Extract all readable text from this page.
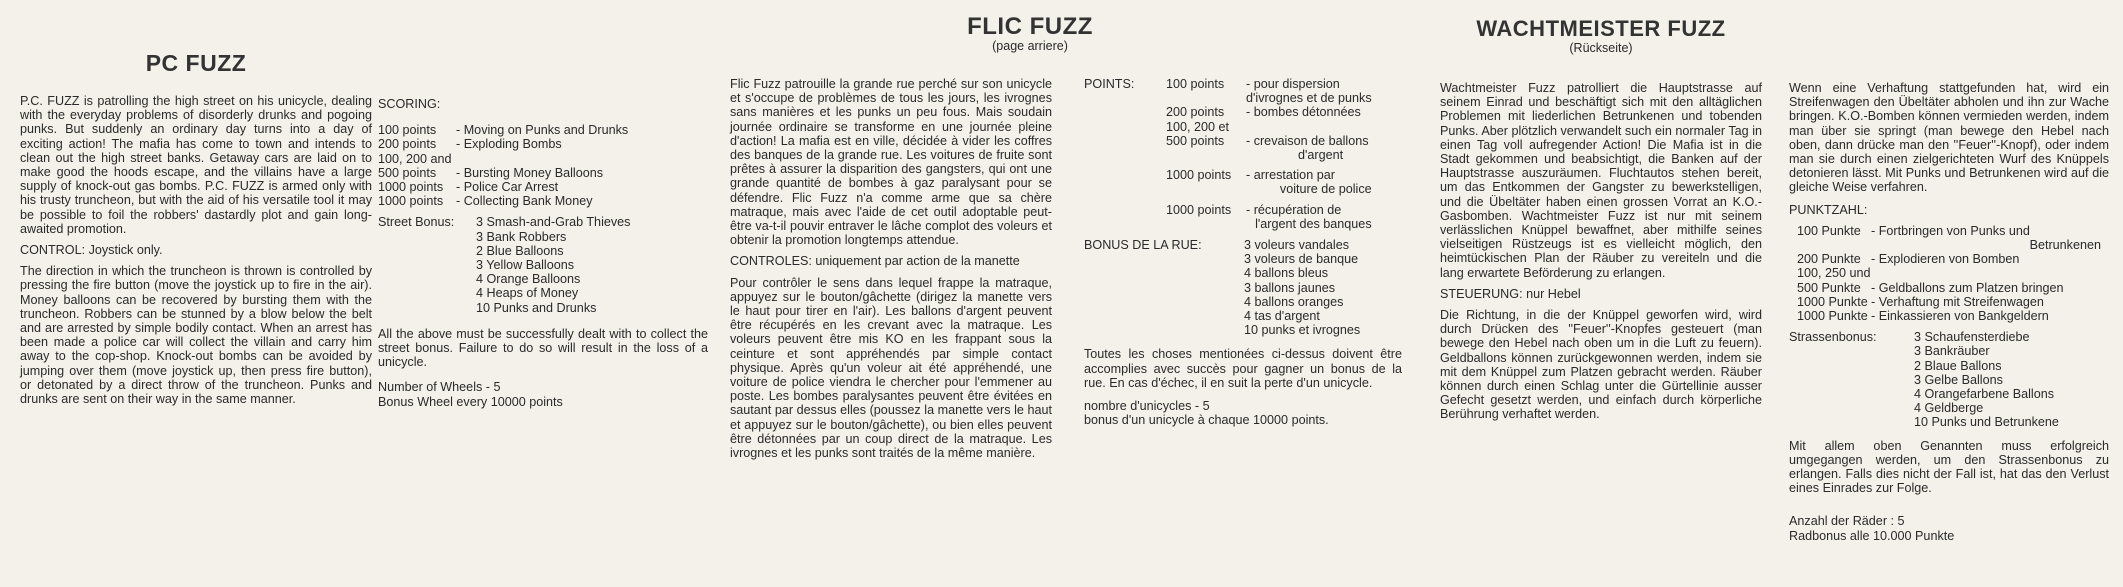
PC FUZZ

P.C. FUZZ is patrolling the high street on his unicycle, dealing with the everyday problems of disorderly drunks and pogoing punks. But suddenly an ordinary day turns into a day of exciting action! The mafia has come to town and intends to clean out the high street banks. Getaway cars are laid on to make good the hoods escape, and the villains have a large supply of knock-out gas bombs. P.C. FUZZ is armed only with his trusty truncheon, but with the aid of his versatile tool it may be possible to foil the robbers' dastardly plot and gain long-awaited promotion.

CONTROL: Joystick only.

The direction in which the truncheon is thrown is controlled by pressing the fire button (move the joystick up to fire in the air). Money balloons can be recovered by bursting them with the truncheon. Robbers can be stunned by a blow below the belt and are arrested by simple bodily contact. When an arrest has been made a police car will collect the villain and carry him away to the cop-shop. Knock-out bombs can be avoided by jumping over them (move joystick up, then press fire button), or detonated by a direct throw of the truncheon. Punks and drunks are sent on their way in the same manner.

SCORING:

100 points	- Moving on Punks and Drunks
200 points	- Exploding Bombs
100, 200 and	
500 points	- Bursting Money Balloons
1000 points	- Police Car Arrest
1000 points	- Collecting Bank Money
Street Bonus:	3 Smash-and-Grab Thieves
	3 Bank Robbers
	2 Blue Balloons
	3 Yellow Balloons
	4 Orange Balloons
	4 Heaps of Money
	10 Punks and Drunks

All the above must be successfully dealt with to collect the street bonus. Failure to do so will result in the loss of a unicycle.

Number of Wheels - 5
Bonus Wheel every 10000 points
FLIC FUZZ
(page arriere)

Flic Fuzz patrouille la grande rue perché sur son unicycle et s'occupe de problèmes de tous les jours, les ivrognes sans manières et les punks un peu fous. Mais soudain journée ordinaire se transforme en une journée pleine d'action! La mafia est en ville, décidée à vider les coffres des banques de la grande rue. Les voitures de fruite sont prêtes à assurer la disparition des gangsters, qui ont une grande quantité de bombes à gaz paralysant pour se défendre. Flic Fuzz n'a comme arme que sa chère matraque, mais avec l'aide de cet outil adoptable peut-être va-t-il pouvir entraver le lâche complot des voleurs et obtenir la promotion longtemps attendue.

CONTROLES: uniquement par action de la manette

Pour contrôler le sens dans lequel frappe la matraque, appuyez sur le bouton/gâchette (dirigez la manette vers le haut pour tirer en l'air). Les ballons d'argent peuvent être récupérés en les crevant avec la matraque. Les voleurs peuvent être mis KO en les frappant sous la ceinture et sont appréhendés par simple contact physique. Après qu'un voleur ait été appréhendé, une voiture de police viendra le chercher pour l'emmener au poste. Les bombes paralysantes peuvent être évitées en sautant par dessus elles (poussez la manette vers le haut et appuyez sur le bouton/gâchette), ou bien elles peuvent être détonnées par un coup direct de la matraque. Les ivrognes et les punks sont traités de la même manière.

POINTS:	100 points	- pour dispersion
		d'ivrognes et de punks
	200 points	- bombes détonnées
	100, 200 et	
	500 points	- crevaison de ballons
		d'argent

	1000 points	- arrestation par
		voiture de police

	1000 points	- récupération de
		l'argent des banques
BONUS DE LA RUE:	3 voleurs vandales
	3 voleurs de banque
	4 ballons bleus
	3 ballons jaunes
	4 ballons oranges
	4 tas d'argent
	10 punks et ivrognes

Toutes les choses mentionées ci-dessus doivent être accomplies avec succès pour gagner un bonus de la rue. En cas d'échec, il en suit la perte d'un unicycle.

nombre d'unicycles - 5
bonus d'un unicycle à chaque 10000 points.
WACHTMEISTER FUZZ
(Rückseite)

Wachtmeister Fuzz patrolliert die Hauptstrasse auf seinem Einrad und beschäftigt sich mit den alltäglichen Problemen mit liederlichen Betrunkenen und tobenden Punks. Aber plötzlich verwandelt such ein normaler Tag in einen Tag voll aufregender Action! Die Mafia ist in die Stadt gekommen und beabsichtigt, die Banken auf der Hauptstrasse auszuräumen. Fluchtautos stehen bereit, um das Entkommen der Gangster zu bewerkstelligen, und die Übeltäter haben einen grossen Vorrat an K.O.-Gasbomben. Wachtmeister Fuzz ist nur mit seinem verlässlichen Knüppel bewaffnet, aber mithilfe seines vielseitigen Rüstzeugs ist es vielleicht möglich, den heimtückischen Plan der Räuber zu vereiteln und die lang erwartete Beförderung zu erlangen.

STEUERUNG: nur Hebel

Die Richtung, in die der Knüppel geworfen wird, wird durch Drücken des ''Feuer''-Knopfes gesteuert (man bewege den Hebel nach oben um in die Luft zu feuern). Geldballons können zurückgewonnen werden, indem sie mit dem Knüppel zum Platzen gebracht werden. Räuber können durch einen Schlag unter die Gürtellinie ausser Gefecht gesetzt werden, und einfach durch körperliche Berührung verhaftet werden.

Wenn eine Verhaftung stattgefunden hat, wird ein Streifenwagen den Übeltäter abholen und ihn zur Wache bringen. K.O.-Bomben können vermieden werden, indem man über sie springt (man bewege den Hebel nach oben, dann drücke man den ''Feuer''-Knopf), oder indem man sie durch einen zielgerichteten Wurf des Knüppels detonieren lässt. Mit Punks und Betrunkenen wird auf die gleiche Weise verfahren.

PUNKTZAHL:

100 Punkte	- Fortbringen von Punks und
	Betrunkenen
200 Punkte	- Explodieren von Bomben
100, 250 und	
500 Punkte	- Geldballons zum Platzen bringen
1000 Punkte	- Verhaftung mit Streifenwagen
1000 Punkte	- Einkassieren von Bankgeldern
Strassenbonus:	3 Schaufensterdiebe
	3 Bankräuber
	2 Blaue Ballons
	3 Gelbe Ballons
	4 Orangefarbene Ballons
	4 Geldberge
	10 Punks und Betrunkene

Mit allem oben Genannten muss erfolgreich umgegangen werden, um den Strassenbonus zu erlangen. Falls dies nicht der Fall ist, hat das den Verlust eines Einrades zur Folge.

Anzahl der Räder : 5
Radbonus alle 10.000 Punkte
